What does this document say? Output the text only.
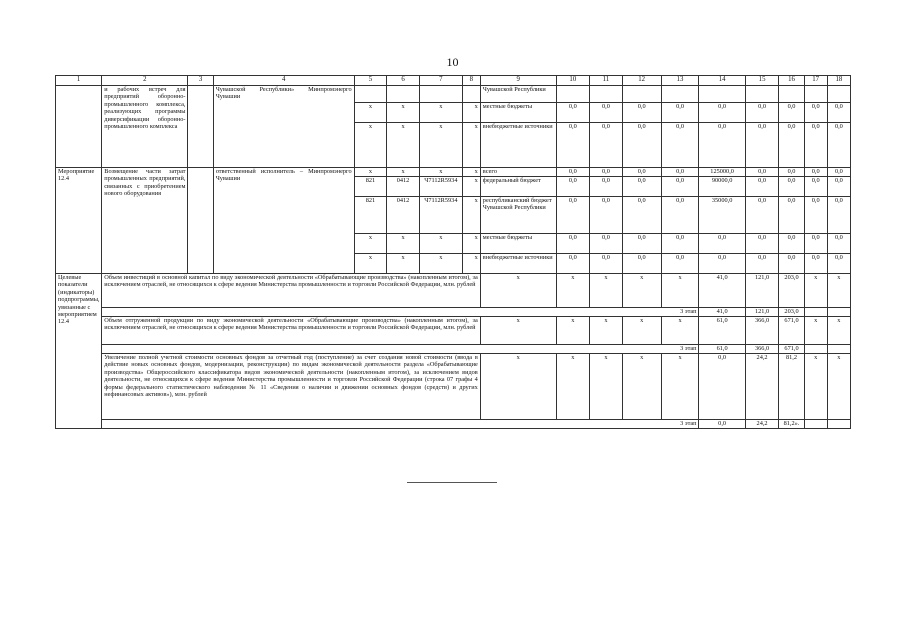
10
1	2	3	4	5	6	7	8	9	10	11	12	13	14	15	16	17	18
	и рабочих встреч для предприятий оборонно-промышленного комплекса, реализующих программы диверсификации оборонно-промышленного комплекса		Чувашской Республики» Минпромэнерго Чувашии					Чувашской Республики									
				x	x	x	x	местные бюджеты	0,0	0,0	0,0	0,0	0,0	0,0	0,0	0,0	0,0
				x	x	x	x	внебюджетные источники	0,0	0,0	0,0	0,0	0,0	0,0	0,0	0,0	0,0
Мероприятие 12.4	Возмещение части затрат промышленных предприятий, связанных с приобретением нового оборудования		ответственный исполнитель – Минпромэнерго Чувашии	x	x	x	x	всего	0,0	0,0	0,0	0,0	125000,0	0,0	0,0	0,0	0,0
				821	0412	Ч7112R5934	x	федеральный бюджет	0,0	0,0	0,0	0,0	90000,0	0,0	0,0	0,0	0,0
				821	0412	Ч7112R5934	x	республиканский бюджет Чувашской Республики	0,0	0,0	0,0	0,0	35000,0	0,0	0,0	0,0	0,0
				x	x	x	x	местные бюджеты	0,0	0,0	0,0	0,0	0,0	0,0	0,0	0,0	0,0
				x	x	x	x	внебюджетные источники	0,0	0,0	0,0	0,0	0,0	0,0	0,0	0,0	0,0
Целевые показатели (индикаторы) подпрограммы, увязанные с мероприятием 12.4	Объем инвестиций в основной капитал по виду экономической деятельности «Обрабатывающие производства» (накопленным итогом), за исключением отраслей, не относящихся к сфере ведения Министерства промышленности и торговли Российской Федерации, млн. рублей							x	x	x	x	x	41,0	121,0	203,0	x	x
	3 этап												41,0	121,0	203,0		
	Объем отгруженной продукции по виду экономической деятельности «Обрабатывающие производства» (накопленным итогом), за исключением отраслей, не относящихся к сфере ведения Министерства промышленности и торговли Российской Федерации, млн. рублей							x	x	x	x	x	61,0	366,0	671,0	x	x
	3 этап												61,0	366,0	671,0		
	Увеличение полной учетной стоимости основных фондов за отчетный год (поступление) за счет создания новой стоимости (ввода в действие новых основных фондов, модернизации, реконструкции) по видам экономической деятельности раздела «Обрабатывающие производства» Общероссийского классификатора видов экономической деятельности (накопленным итогом), за исключением видов деятельности, не относящихся к сфере ведения Министерства промышленности и торговли Российской Федерации (строка 07 графы 4 формы федерального статистического наблюдения № 11 «Сведения о наличии и движении основных фондов (средств) и других нефинансовых активов»), млн. рублей							x	x	x	x	x	0,0	24,2	81,2	x	x
	3 этап												0,0	24,2	81,2».		
